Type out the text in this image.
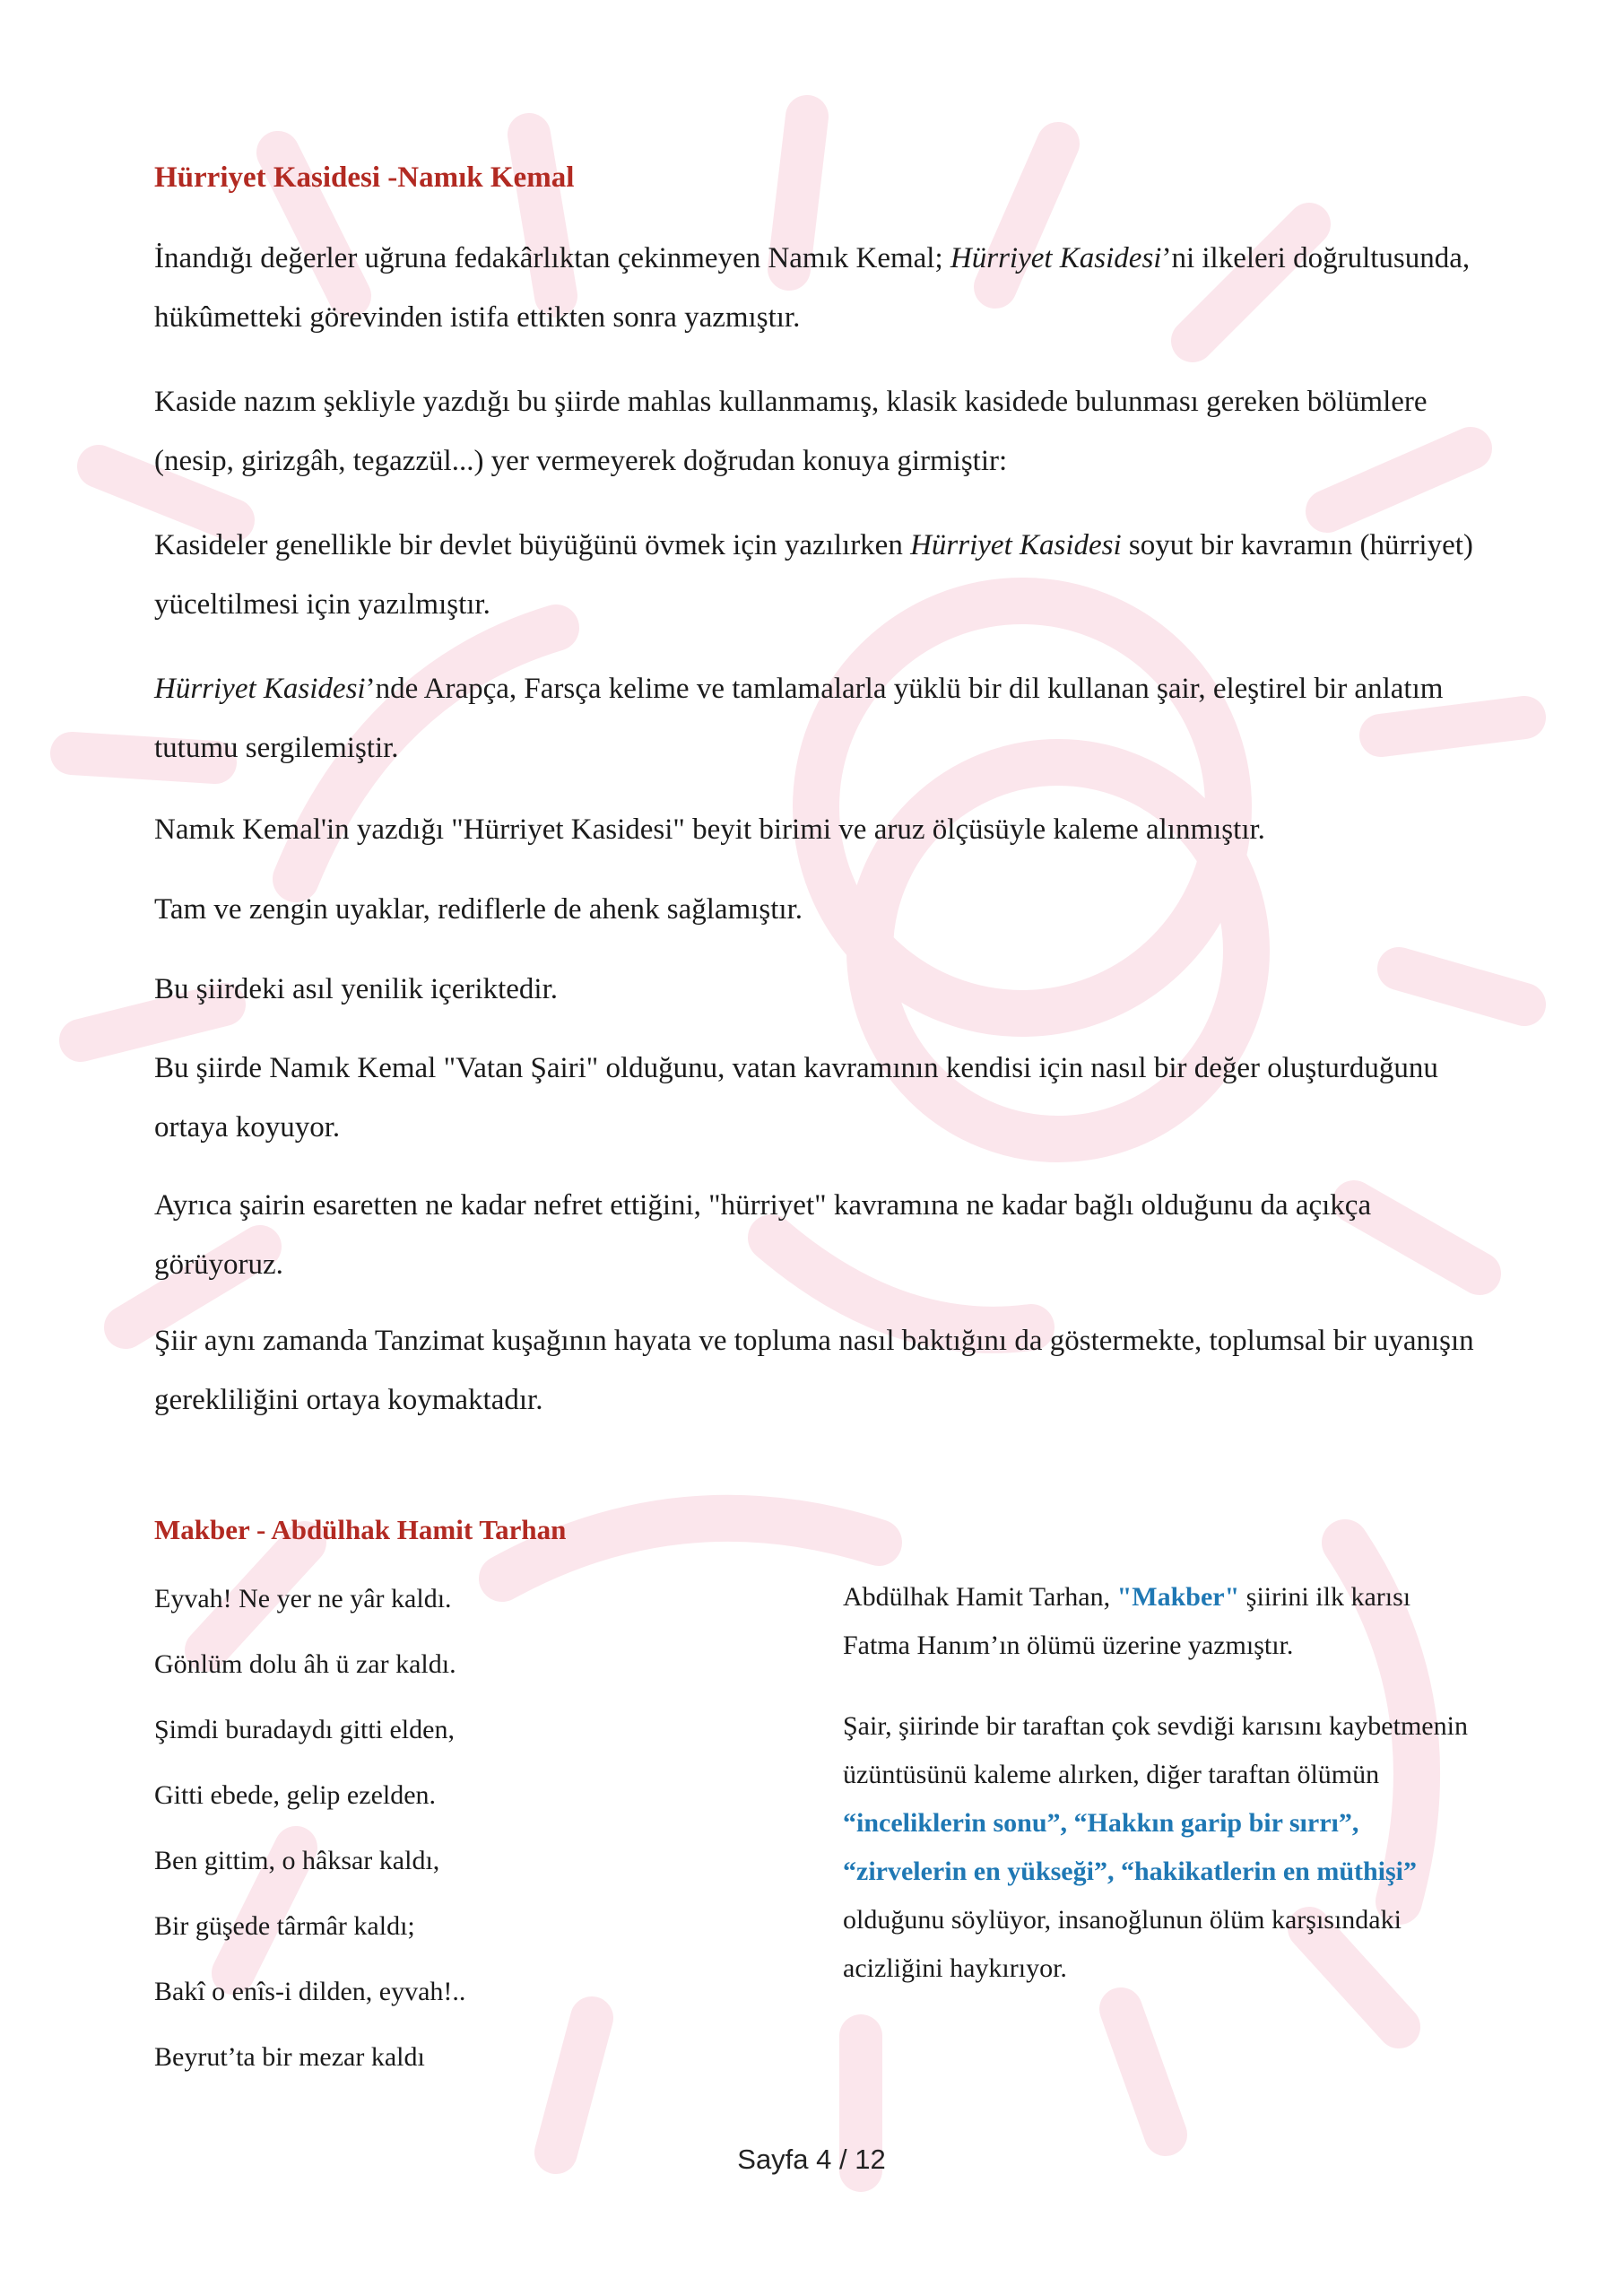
Hürriyet Kasidesi -Namık Kemal

İnandığı değerler uğruna fedakârlıktan çekinmeyen Namık Kemal; Hürriyet Kasidesi’ni ilkeleri doğrultusunda, hükûmetteki görevinden istifa ettikten sonra yazmıştır.

Kaside nazım şekliyle yazdığı bu şiirde mahlas kullanmamış, klasik kasidede bulunması gereken bölümlere (nesip, girizgâh, tegazzül...) yer vermeyerek doğrudan konuya girmiştir:

Kasideler genellikle bir devlet büyüğünü övmek için yazılırken Hürriyet Kasidesi soyut bir kavramın (hürriyet) yüceltilmesi için yazılmıştır.

Hürriyet Kasidesi’nde Arapça, Farsça kelime ve tamlamalarla yüklü bir dil kullanan şair, eleştirel bir anlatım tutumu sergilemiştir.

Namık Kemal'in yazdığı "Hürriyet Kasidesi" beyit birimi ve aruz ölçüsüyle kaleme alınmıştır.

Tam ve zengin uyaklar, rediflerle de ahenk sağlamıştır.

Bu şiirdeki asıl yenilik içeriktedir.

Bu şiirde Namık Kemal "Vatan Şairi" olduğunu, vatan kavramının kendisi için nasıl bir değer oluşturduğunu ortaya koyuyor.

Ayrıca şairin esaretten ne kadar nefret ettiğini, "hürriyet" kavramına ne kadar bağlı olduğunu da açıkça görüyoruz.

Şiir aynı zamanda Tanzimat kuşağının hayata ve topluma nasıl baktığını da göstermekte, toplumsal bir uyanışın gerekliliğini ortaya koymaktadır.

Makber - Abdülhak Hamit Tarhan
Eyvah! Ne yer ne yâr kaldı.
Gönlüm dolu âh ü zar kaldı.
Şimdi buradaydı gitti elden,
Gitti ebede, gelip ezelden.
Ben gittim, o hâksar kaldı,
Bir güşede târmâr kaldı;
Bakî o enîs-i dilden, eyvah!..
Beyrut’ta bir mezar kaldı

Abdülhak Hamit Tarhan, "Makber" şiirini ilk karısı Fatma Hanım’ın ölümü üzerine yazmıştır.

Şair, şiirinde bir taraftan çok sevdiği karısını kaybetmenin üzüntüsünü kaleme alırken, diğer taraftan ölümün “inceliklerin sonu”, “Hakkın garip bir sırrı”, “zirvelerin en yükseği”, “hakikatlerin en müthişi” olduğunu söylüyor, insanoğlunun ölüm karşısındaki acizliğini haykırıyor.

Sayfa 4 / 12
